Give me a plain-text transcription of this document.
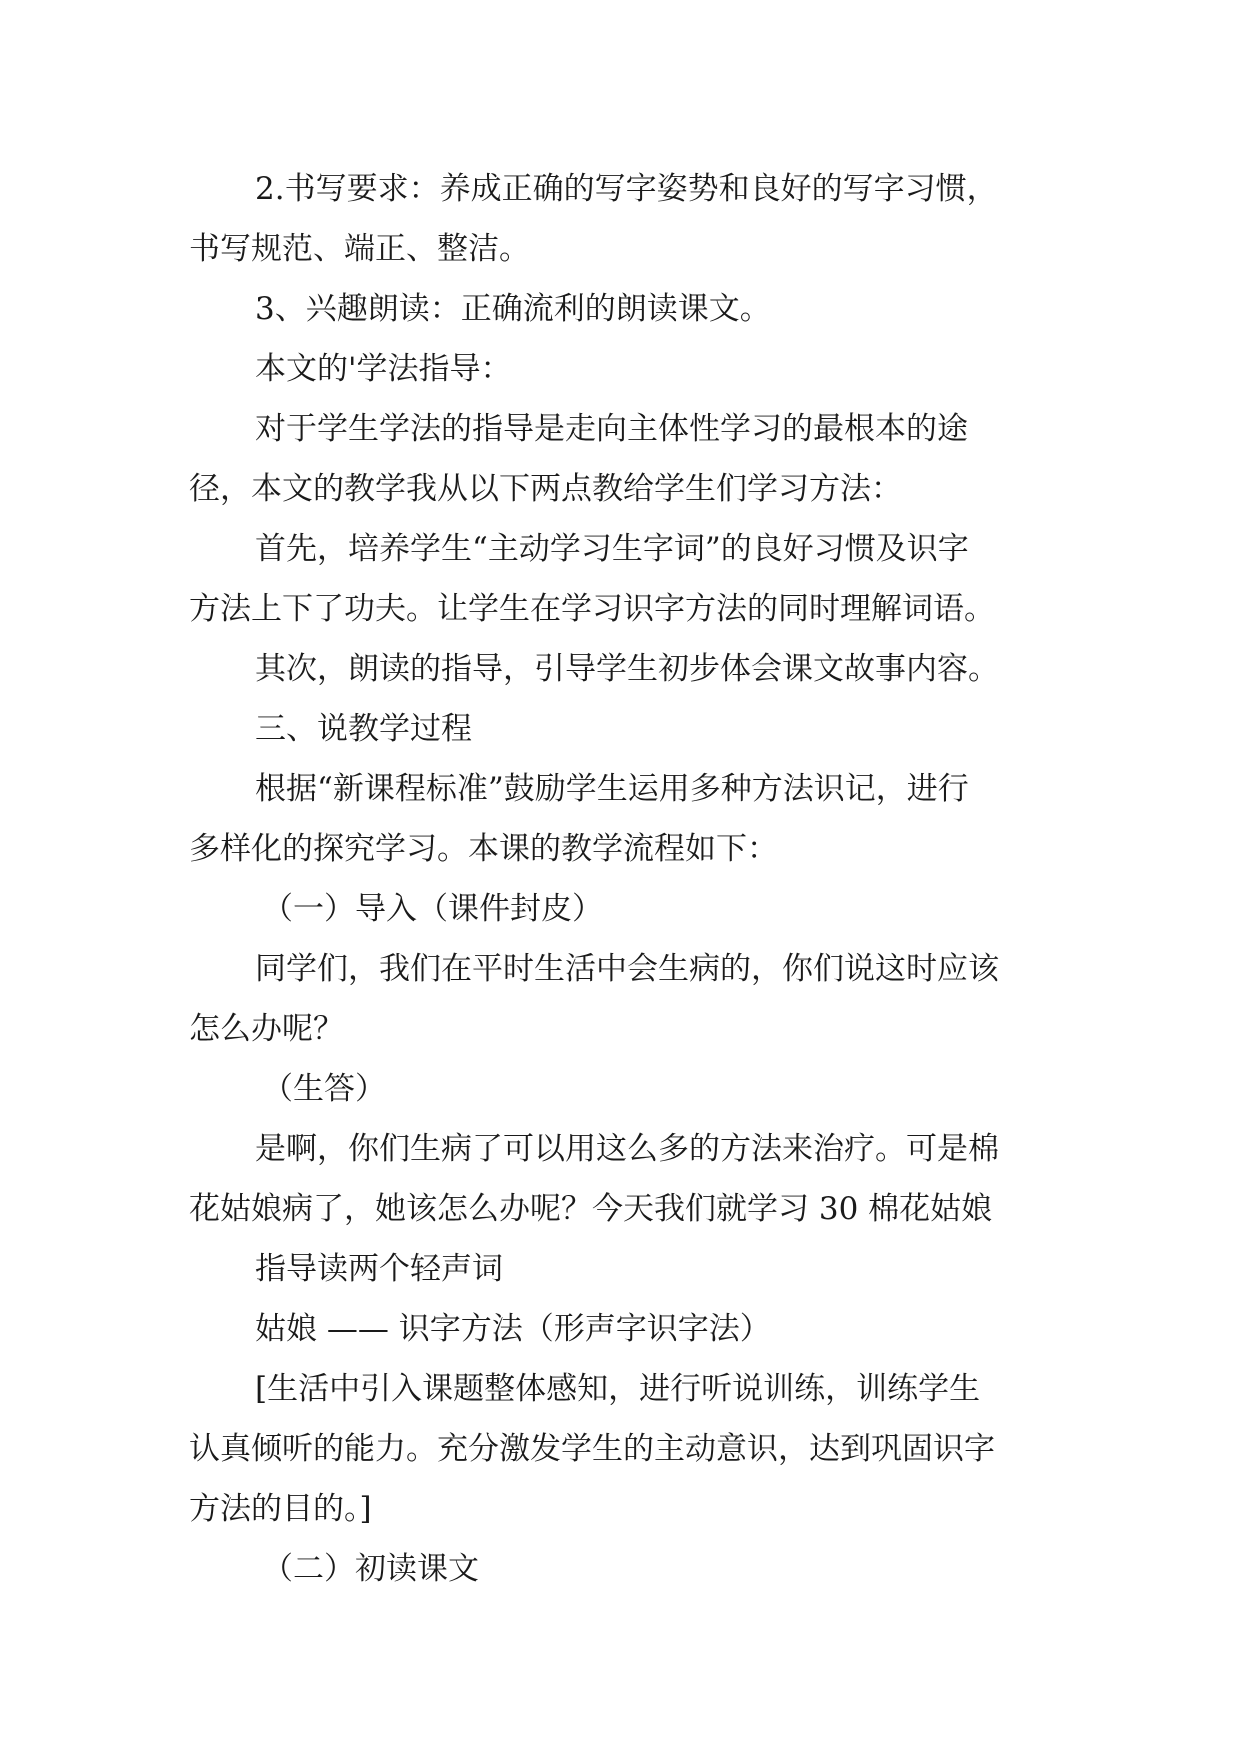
2.书写要求：养成正确的写字姿势和良好的写字习惯，
书写规范、端正、整洁。
3、兴趣朗读：正确流利的朗读课文。
本文的'学法指导：
对于学生学法的指导是走向主体性学习的最根本的途
径，本文的教学我从以下两点教给学生们学习方法：
首先，培养学生“主动学习生字词”的良好习惯及识字
方法上下了功夫。让学生在学习识字方法的同时理解词语。
其次，朗读的指导，引导学生初步体会课文故事内容。
三、说教学过程
根据“新课程标准”鼓励学生运用多种方法识记，进行
多样化的探究学习。本课的教学流程如下：
（一）导入（课件封皮）
同学们，我们在平时生活中会生病的，你们说这时应该
怎么办呢？
（生答）
是啊，你们生病了可以用这么多的方法来治疗。可是棉
花姑娘病了，她该怎么办呢？今天我们就学习 30 棉花姑娘
指导读两个轻声词
姑娘 —— 识字方法（形声字识字法）
[生活中引入课题整体感知，进行听说训练，训练学生
认真倾听的能力。充分激发学生的主动意识，达到巩固识字
方法的目的。]
（二）初读课文
